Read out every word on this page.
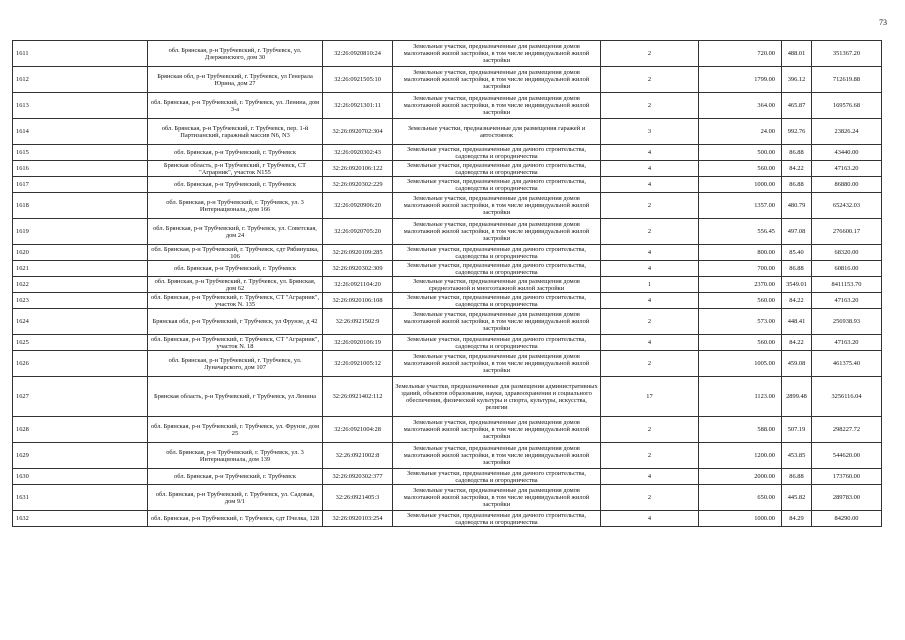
73
1611	обл. Брянская, р-н Трубчевский, г. Трубчевск, ул. Дзержинского, дом 30	32:26:0920810:24	Земельные участки, предназначенные для размещения домов малоэтажной жилой застройки, в том числе индивидуальной жилой застройки	2	720.00	488.01	351367.20
1612	Брянская обл, р-н Трубчевский, г. Трубчевск, ул Генерала Юрина, дом 27	32:26:0921505:10	Земельные участки, предназначенные для размещения домов малоэтажной жилой застройки, в том числе индивидуальной жилой застройки	2	1799.00	396.12	712619.88
1613	обл. Брянская, р-н Трубчевский, г. Трубчевск, ул. Ленина, дом 3-а	32:26:0921301:11	Земельные участки, предназначенные для размещения домов малоэтажной жилой застройки, в том числе индивидуальной жилой застройки	2	364.00	465.87	169576.68
1614	обл. Брянская, р-н Трубчевский, г. Трубчевск, пер. 1-й Партизанский, гаражный массив N6, N3	32:26:0920702:304	Земельные участки, предназначенные для размещения гаражей и автостоянок	3	24.00	992.76	23826.24
1615	обл. Брянская, р-н Трубчевский, г. Трубчевск	32:26:0920302:43	Земельные участки, предназначенные для дачного строительства, садоводства и огородничества	4	500.00	86.88	43440.00
1616	Брянская область, р-н Трубчевский, г Трубчевск, СТ "Аграрник", участок N155	32:26:0920106:122	Земельные участки, предназначенные для дачного строительства, садоводства и огородничества	4	560.00	84.22	47163.20
1617	обл. Брянская, р-н Трубчевский, г. Трубчевск	32:26:0920302:229	Земельные участки, предназначенные для дачного строительства, садоводства и огородничества	4	1000.00	86.88	86880.00
1618	обл. Брянская, р-н Трубчевский, г. Трубчевск, ул. 3 Интернационала, дом 166	32:26:0920906:20	Земельные участки, предназначенные для размещения домов малоэтажной жилой застройки, в том числе индивидуальной жилой застройки	2	1357.00	480.79	652432.03
1619	обл. Брянская, р-н Трубчевский, г. Трубчевск, ул. Советская, дом 24	32:26:0920705:20	Земельные участки, предназначенные для размещения домов малоэтажной жилой застройки, в том числе индивидуальной жилой застройки	2	556.45	497.08	276600.17
1620	обл. Брянская, р-н Трубчевский, г. Трубчевск, сдт Рябинушка, 106	32:26:0920109:285	Земельные участки, предназначенные для дачного строительства, садоводства и огородничества	4	800.00	85.40	68320.00
1621	обл. Брянская, р-н Трубчевский, г. Трубчевск	32:26:0920302:309	Земельные участки, предназначенные для дачного строительства, садоводства и огородничества	4	700.00	86.88	60816.00
1622	обл. Брянская, р-н Трубчевский, г. Трубчевск, ул. Брянская, дом 62	32:26:0921104:20	Земельные участки, предназначенные для размещения домов среднеэтажной и многоэтажной жилой застройки	1	2370.00	3549.01	8411153.70
1623	обл. Брянская, р-н Трубчевский, г. Трубчевск, СТ "Аграрник", участок N. 135	32:26:0920106:108	Земельные участки, предназначенные для дачного строительства, садоводства и огородничества	4	560.00	84.22	47163.20
1624	Брянская обл, р-н Трубчевский, г Трубчевск, ул Фрунзе, д 42	32:26:0921502:9	Земельные участки, предназначенные для размещения домов малоэтажной жилой застройки, в том числе индивидуальной жилой застройки	2	573.00	448.41	256938.93
1625	обл. Брянская, р-н Трубчевский, г. Трубчевск, СТ "Аграрник", участок N. 18	32:26:0920106:19	Земельные участки, предназначенные для дачного строительства, садоводства и огородничества	4	560.00	84.22	47163.20
1626	обл. Брянская, р-н Трубчевский, г. Трубчевск, ул. Луначарского, дом 107	32:26:0921005:12	Земельные участки, предназначенные для размещения домов малоэтажной жилой застройки, в том числе индивидуальной жилой застройки	2	1005.00	459.08	461375.40
1627	Брянская область, р-н Трубчевский, г Трубчевск, ул Ленина	32:26:0921402:112	Земельные участки, предназначенные для размещения административных зданий, объектов образования, науки, здравоохранения и социального обеспечения, физической культуры и спорта, культуры, искусства, религии	17	1123.00	2899.48	3256116.04
1628	обл. Брянская, р-н Трубчевский, г. Трубчевск, ул. Фрунзе, дом 25	32:26:0921004:28	Земельные участки, предназначенные для размещения домов малоэтажной жилой застройки, в том числе индивидуальной жилой застройки	2	588.00	507.19	298227.72
1629	обл. Брянская, р-н Трубчевский, г. Трубчевск, ул. 3 Интернационала, дом 139	32:26:0921002:8	Земельные участки, предназначенные для размещения домов малоэтажной жилой застройки, в том числе индивидуальной жилой застройки	2	1200.00	453.85	544620.00
1630	обл. Брянская, р-н Трубчевский, г. Трубчевск	32:26:0920302:377	Земельные участки, предназначенные для дачного строительства, садоводства и огородничества	4	2000.00	86.88	173760.00
1631	обл. Брянская, р-н Трубчевский, г. Трубчевск, ул. Садовая, дом 9/1	32:26:0921405:3	Земельные участки, предназначенные для размещения домов малоэтажной жилой застройки, в том числе индивидуальной жилой застройки	2	650.00	445.82	289783.00
1632	обл. Брянская, р-н Трубчевский, г. Трубчевск, сдт Пчелка, 128	32:26:0920103:254	Земельные участки, предназначенные для дачного строительства, садоводства и огородничества	4	1000.00	84.29	84290.00
